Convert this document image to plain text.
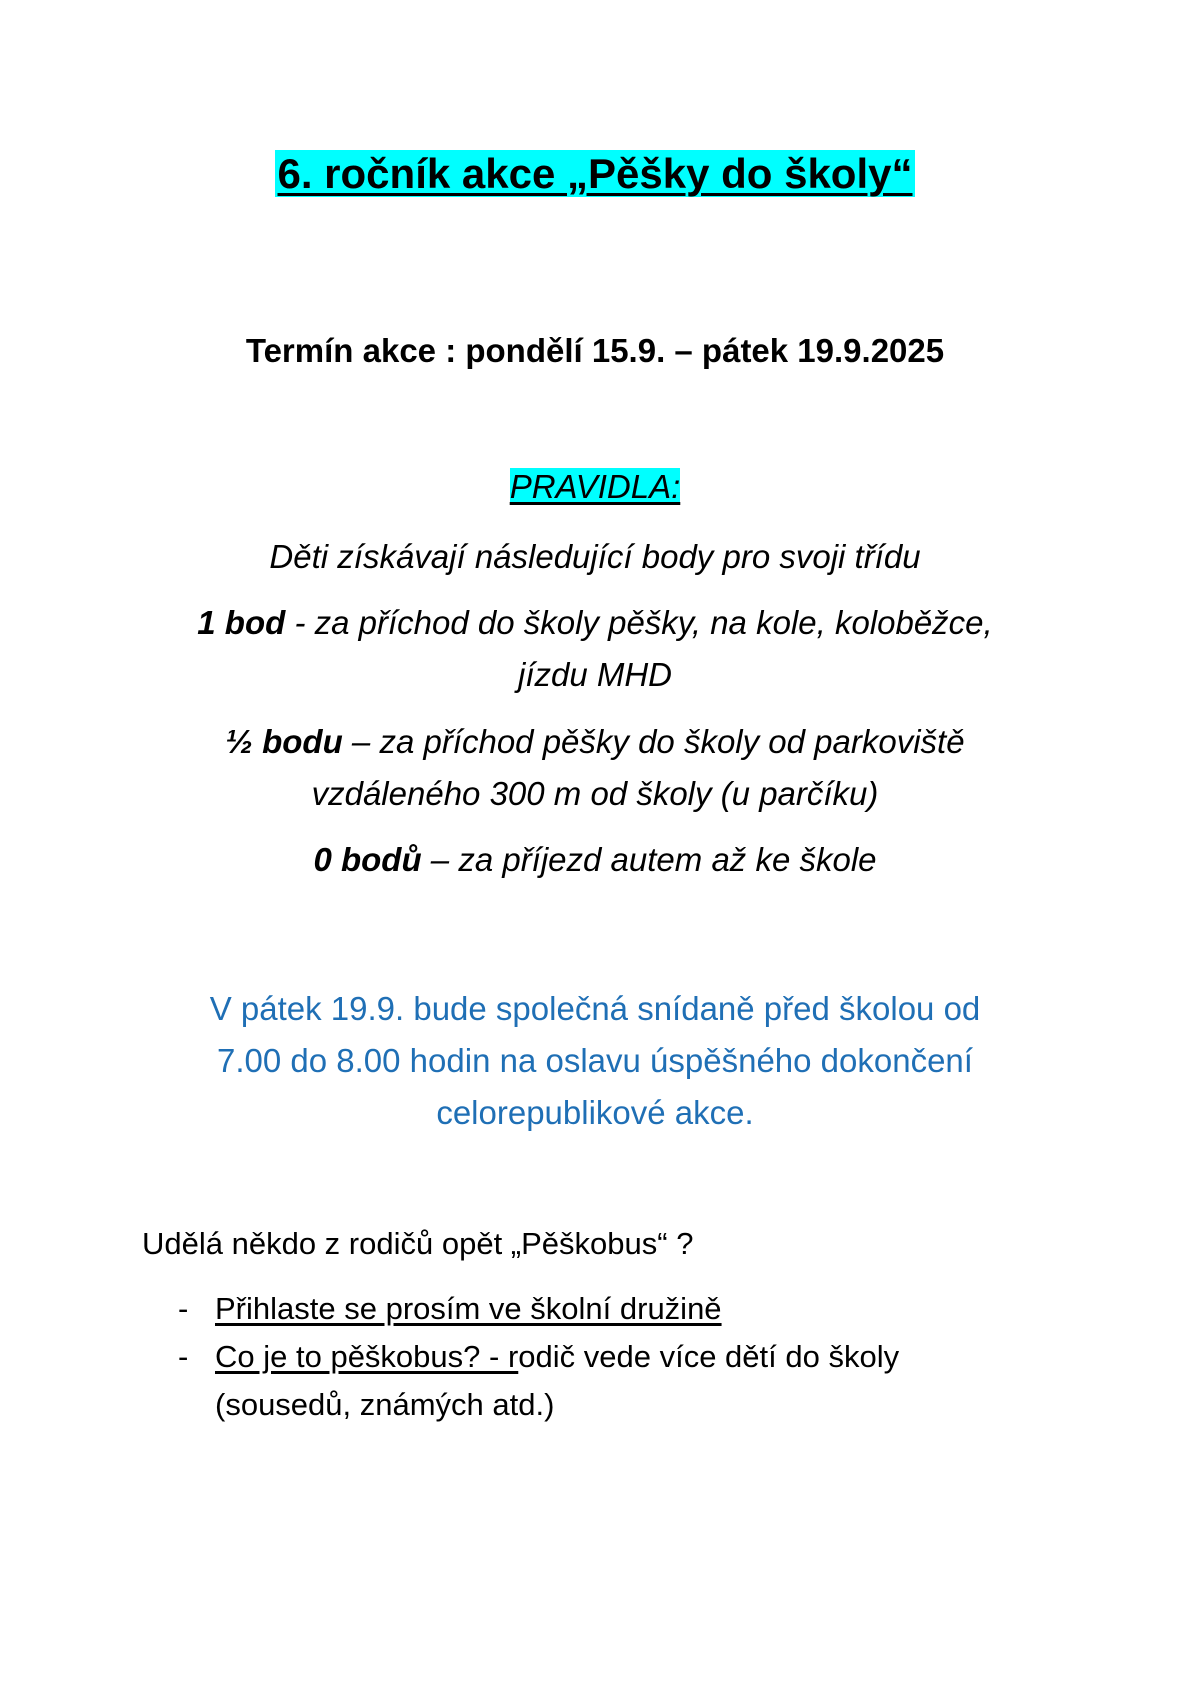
6. ročník akce „Pěšky do školy“
Termín akce : pondělí 15.9. – pátek 19.9.2025
PRAVIDLA:
Děti získávají následující body pro svoji třídu
1 bod - za příchod do školy pěšky, na kole, koloběžce,
jízdu MHD
½ bodu – za příchod pěšky do školy od parkoviště
vzdáleného 300 m od školy (u parčíku)
0 bodů – za příjezd autem až ke škole
V pátek 19.9. bude společná snídaně před školou od
7.00 do 8.00 hodin na oslavu úspěšného dokončení
celorepublikové akce.
Udělá někdo z rodičů opět „Pěškobus“ ?
- Přihlaste se prosím ve školní družině
- Co je to pěškobus? - rodič vede více dětí do školy
(sousedů, známých atd.)
